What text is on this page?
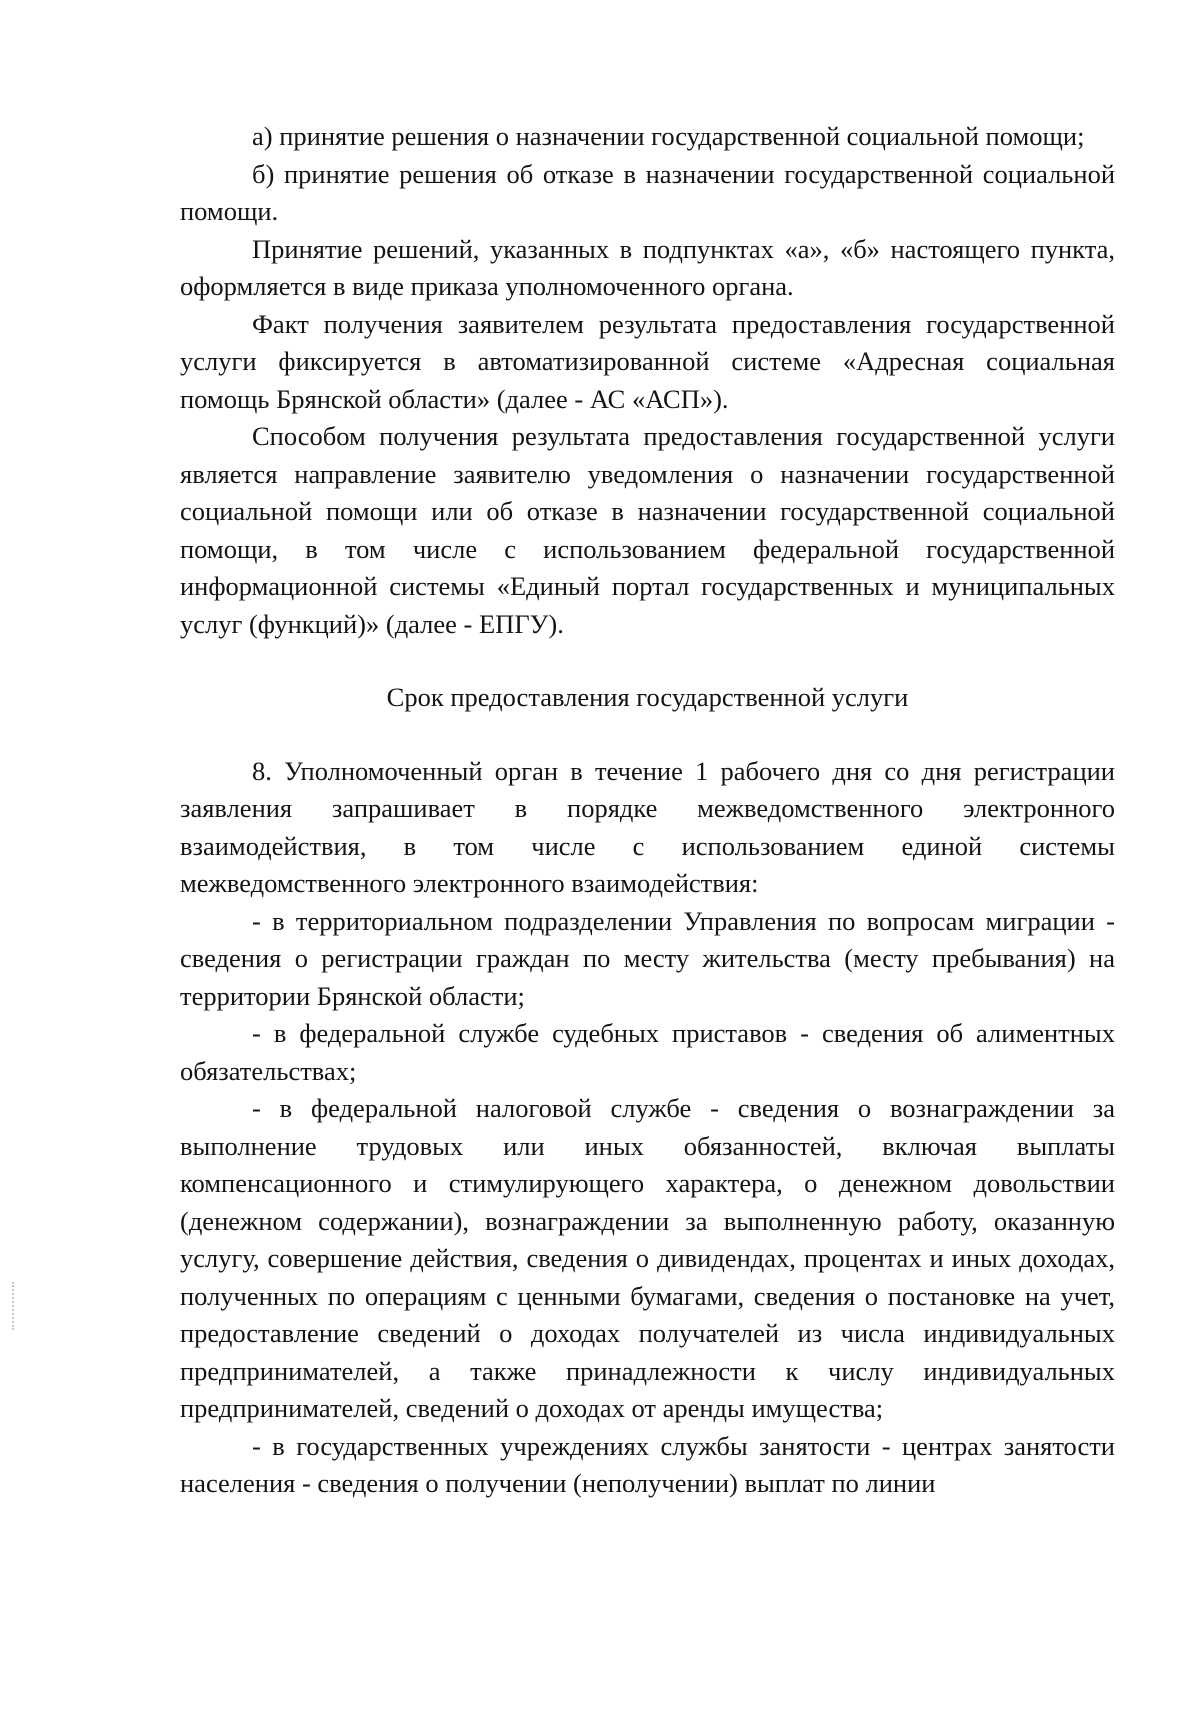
а) принятие решения о назначении государственной социальной помощи;

б) принятие решения об отказе в назначении государственной социальной помощи.

Принятие решений, указанных в подпунктах «а», «б» настоящего пункта, оформляется в виде приказа уполномоченного органа.

Факт получения заявителем результата предоставления государственной услуги фиксируется в автоматизированной системе «Адресная социальная помощь Брянской области» (далее - АС «АСП»).

Способом получения результата предоставления государственной услуги является направление заявителю уведомления о назначении государственной социальной помощи или об отказе в назначении государственной социальной помощи, в том числе с использованием федеральной государственной информационной системы «Единый портал государственных и муниципальных услуг (функций)» (далее - ЕПГУ).

Срок предоставления государственной услуги

8. Уполномоченный орган в течение 1 рабочего дня со дня регистрации заявления запрашивает в порядке межведомственного электронного взаимодействия, в том числе с использованием единой системы межведомственного электронного взаимодействия:

- в территориальном подразделении Управления по вопросам миграции - сведения о регистрации граждан по месту жительства (месту пребывания) на территории Брянской области;

- в федеральной службе судебных приставов - сведения об алиментных обязательствах;

- в федеральной налоговой службе - сведения о вознаграждении за выполнение трудовых или иных обязанностей, включая выплаты компенсационного и стимулирующего характера, о денежном довольствии (денежном содержании), вознаграждении за выполненную работу, оказанную услугу, совершение действия, сведения о дивидендах, процентах и иных доходах, полученных по операциям с ценными бумагами, сведения о постановке на учет, предоставление сведений о доходах получателей из числа индивидуальных предпринимателей, а также принадлежности к числу индивидуальных предпринимателей, сведений о доходах от аренды имущества;

- в государственных учреждениях службы занятости - центрах занятости населения - сведения о получении (неполучении) выплат по линии
